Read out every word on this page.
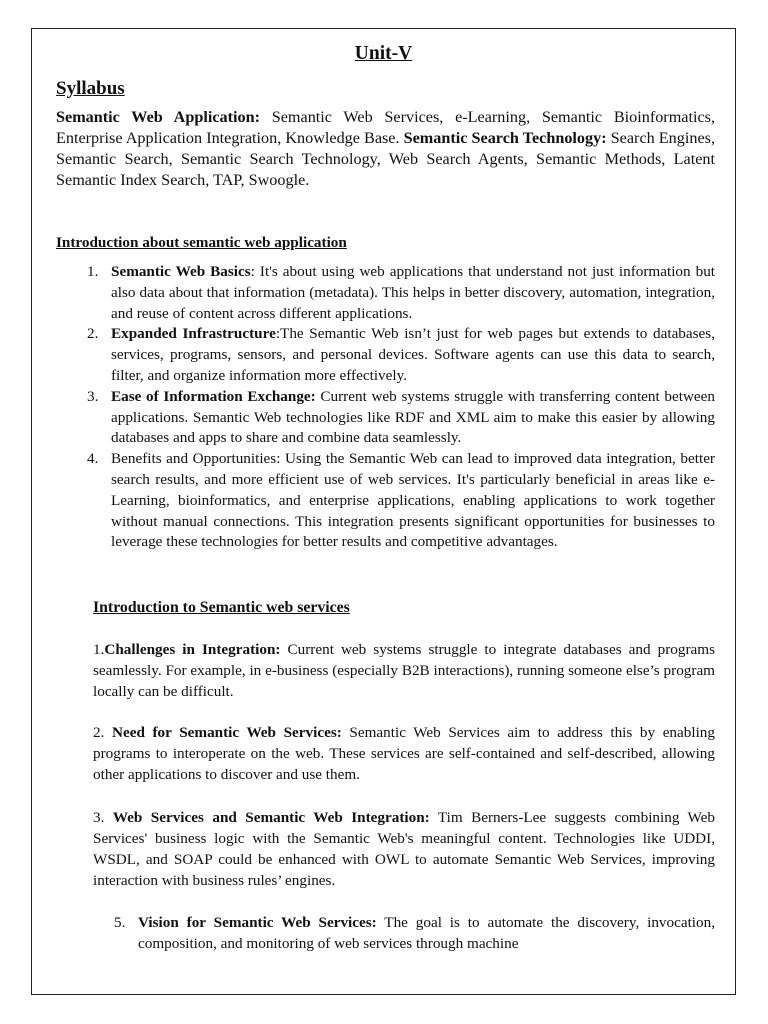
Unit-V
Syllabus
Semantic Web Application: Semantic Web Services, e-Learning, Semantic Bioinformatics, Enterprise Application Integration, Knowledge Base. Semantic Search Technology: Search Engines, Semantic Search, Semantic Search Technology, Web Search Agents, Semantic Methods, Latent Semantic Index Search, TAP, Swoogle.
Introduction about semantic web application
1. Semantic Web Basics: It's about using web applications that understand not just information but also data about that information (metadata). This helps in better discovery, automation, integration, and reuse of content across different applications.
2. Expanded Infrastructure:The Semantic Web isn’t just for web pages but extends to databases, services, programs, sensors, and personal devices. Software agents can use this data to search, filter, and organize information more effectively.
3. Ease of Information Exchange: Current web systems struggle with transferring content between applications. Semantic Web technologies like RDF and XML aim to make this easier by allowing databases and apps to share and combine data seamlessly.
4. Benefits and Opportunities: Using the Semantic Web can lead to improved data integration, better search results, and more efficient use of web services. It's particularly beneficial in areas like e-Learning, bioinformatics, and enterprise applications, enabling applications to work together without manual connections. This integration presents significant opportunities for businesses to leverage these technologies for better results and competitive advantages.
Introduction to Semantic web services
1.Challenges in Integration: Current web systems struggle to integrate databases and programs seamlessly. For example, in e-business (especially B2B interactions), running someone else’s program locally can be difficult.
2. Need for Semantic Web Services: Semantic Web Services aim to address this by enabling programs to interoperate on the web. These services are self-contained and self-described, allowing other applications to discover and use them.
3. Web Services and Semantic Web Integration: Tim Berners-Lee suggests combining Web Services' business logic with the Semantic Web's meaningful content. Technologies like UDDI, WSDL, and SOAP could be enhanced with OWL to automate Semantic Web Services, improving interaction with business rules’ engines.
5. Vision for Semantic Web Services: The goal is to automate the discovery, invocation, composition, and monitoring of web services through machine
